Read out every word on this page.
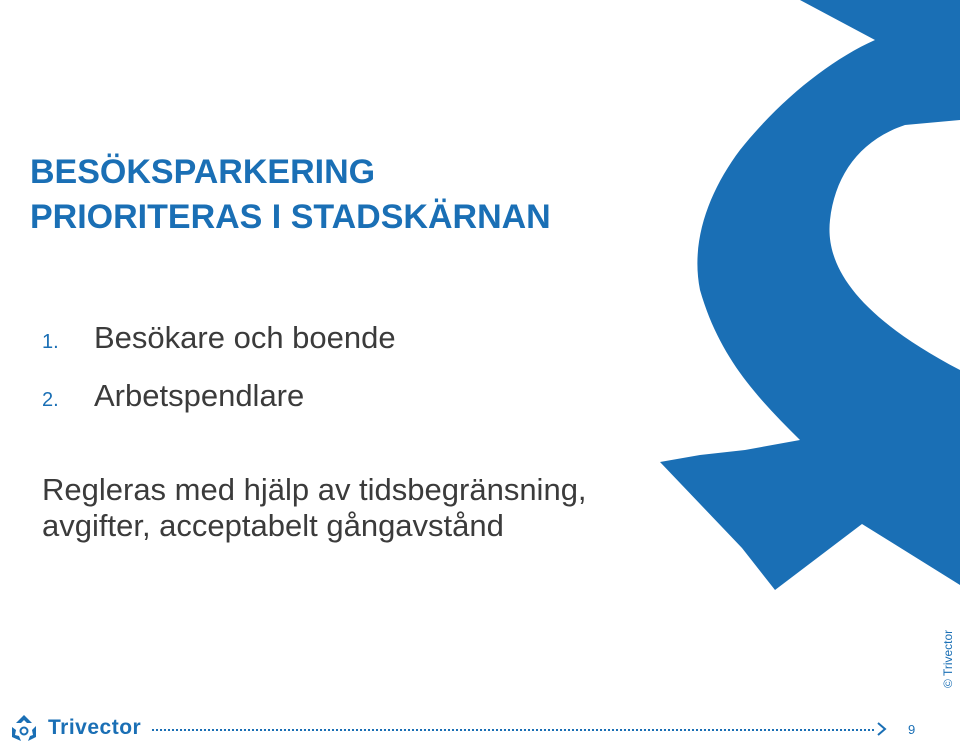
BESÖKSPARKERING
PRIORITERAS I STADSKÄRNAN
1.	Besökare och boende
2.	Arbetspendlare

Regleras med hjälp av tidsbegränsning,
avgifter, acceptabelt gångavstånd

© Trivector
Trivector	9
